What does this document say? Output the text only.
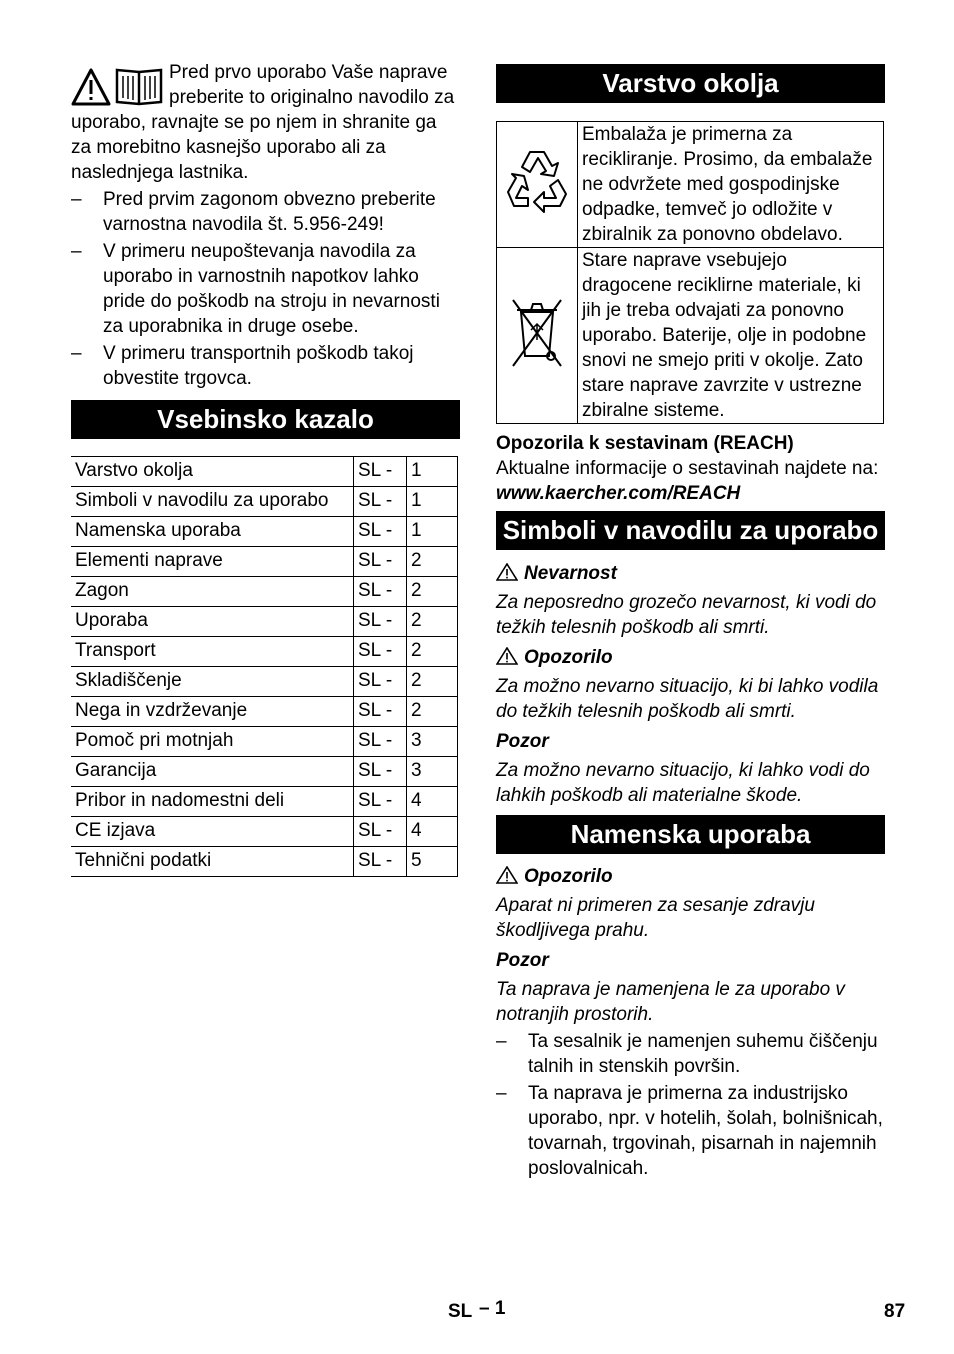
Pred prvo uporabo Vaše naprave preberite to originalno navodilo za uporabo, ravnajte se po njem in shranite ga za morebitno kasnejšo uporabo ali za naslednjega lastnika.

– Pred prvim zagonom obvezno preberite varnostna navodila št. 5.956-249!
– V primeru neupoštevanja navodila za uporabo in varnostnih napotkov lahko pride do poškodb na stroju in nevarnosti za uporabnika in druge osebe.
– V primeru transportnih poškodb takoj obvestite trgovca.
Vsebinsko kazalo
Varstvo okolja	SL -	1
Simboli v navodilu za uporabo	SL -	1
Namenska uporaba	SL -	1
Elementi naprave	SL -	2
Zagon	SL -	2
Uporaba	SL -	2
Transport	SL -	2
Skladiščenje	SL -	2
Nega in vzdrževanje	SL -	2
Pomoč pri motnjah	SL -	3
Garancija	SL -	3
Pribor in nadomestni deli	SL -	4
CE izjava	SL -	4
Tehnični podatki	SL -	5
Varstvo okolja
	Embalaža je primerna za recikliranje. Prosimo, da embalaže ne odvržete med gospodinjske odpadke, temveč jo odložite v zbiralnik za ponovno obdelavo.
	Stare naprave vsebujejo dragocene reciklirne materiale, ki jih je treba odvajati za ponovno uporabo. Baterije, olje in podobne snovi ne smejo priti v okolje. Zato stare naprave zavrzite v ustrezne zbiralne sisteme.

Opozorila k sestavinam (REACH)

Aktualne informacije o sestavinah najdete na:

www.kaercher.com/REACH

Simboli v navodilu za uporabo

Nevarnost

Za neposredno grozečo nevarnost, ki vodi do težkih telesnih poškodb ali smrti.

Opozorilo

Za možno nevarno situacijo, ki bi lahko vodila do težkih telesnih poškodb ali smrti.

Pozor

Za možno nevarno situacijo, ki lahko vodi do lahkih poškodb ali materialne škode.

Namenska uporaba

Opozorilo

Aparat ni primeren za sesanje zdravju škodljivega prahu.

Pozor

Ta naprava je namenjena le za uporabo v notranjih prostorih.

– Ta sesalnik je namenjen suhemu čiščenju talnih in stenskih površin.
– Ta naprava je primerna za industrijsko uporabo, npr. v hotelih, šolah, bolnišnicah, tovarnah, trgovinah, pisarnah in najemnih poslovalnicah.
SL – 1	87
